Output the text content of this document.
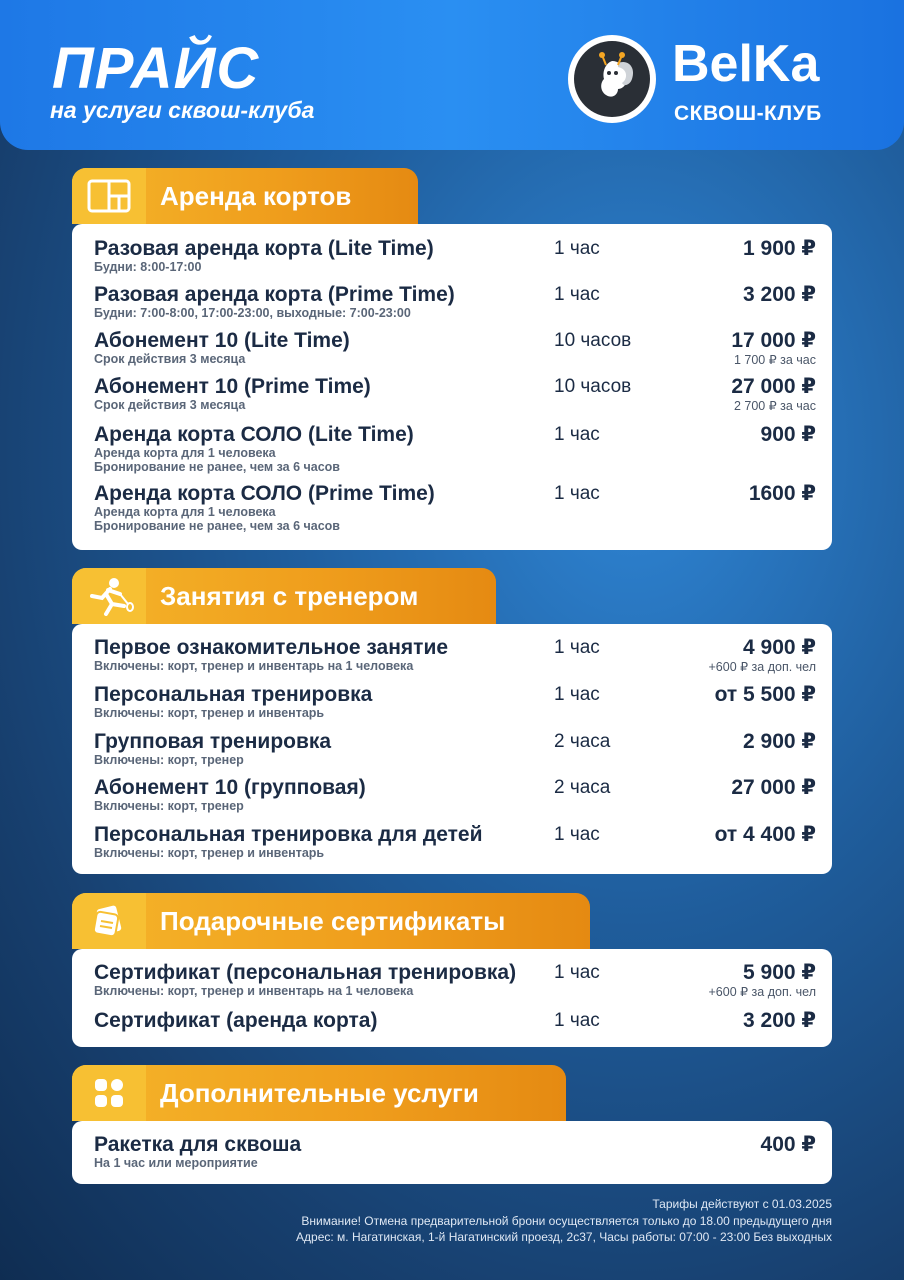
ПРАЙС
на услуги сквош-клуба
BelKa
СКВОШ-КЛУБ
Аренда кортов
Разовая аренда корта (Lite Time)
Будни: 8:00-17:00
1 час	1 900 ₽
Разовая аренда корта (Prime Time)
Будни: 7:00-8:00, 17:00-23:00, выходные: 7:00-23:00
1 час	3 200 ₽
Абонемент 10 (Lite Time)
Срок действия 3 месяца
10 часов	17 000 ₽
1 700 ₽ за час
Абонемент 10 (Prime Time)
Срок действия 3 месяца
10 часов	27 000 ₽
2 700 ₽ за час
Аренда корта СОЛО (Lite Time)
Аренда корта для 1 человека
Бронирование не ранее, чем за 6 часов
1 час	900 ₽
Аренда корта СОЛО (Prime Time)
Аренда корта для 1 человека
Бронирование не ранее, чем за 6 часов
1 час	1600 ₽
Занятия с тренером
Первое ознакомительное занятие
Включены: корт, тренер и инвентарь на 1 человека
1 час	4 900 ₽
+600 ₽ за доп. чел
Персональная тренировка
Включены: корт, тренер и инвентарь
1 час	от 5 500 ₽
Групповая тренировка
Включены: корт, тренер
2 часа	2 900 ₽
Абонемент 10 (групповая)
Включены: корт, тренер
2 часа	27 000 ₽
Персональная тренировка для детей
Включены: корт, тренер и инвентарь
1 час	от 4 400 ₽
Подарочные сертификаты
Сертификат (персональная тренировка)
Включены: корт, тренер и инвентарь на 1 человека
1 час	5 900 ₽
+600 ₽ за доп. чел
Сертификат (аренда корта)	1 час	3 200 ₽
Дополнительные услуги
Ракетка для сквоша
На 1 час или мероприятие
400 ₽
Тарифы действуют с 01.03.2025
Внимание! Отмена предварительной брони осуществляется только до 18.00 предыдущего дня
Адрес: м. Нагатинская, 1-й Нагатинский проезд, 2с37, Часы работы: 07:00 - 23:00 Без выходных
